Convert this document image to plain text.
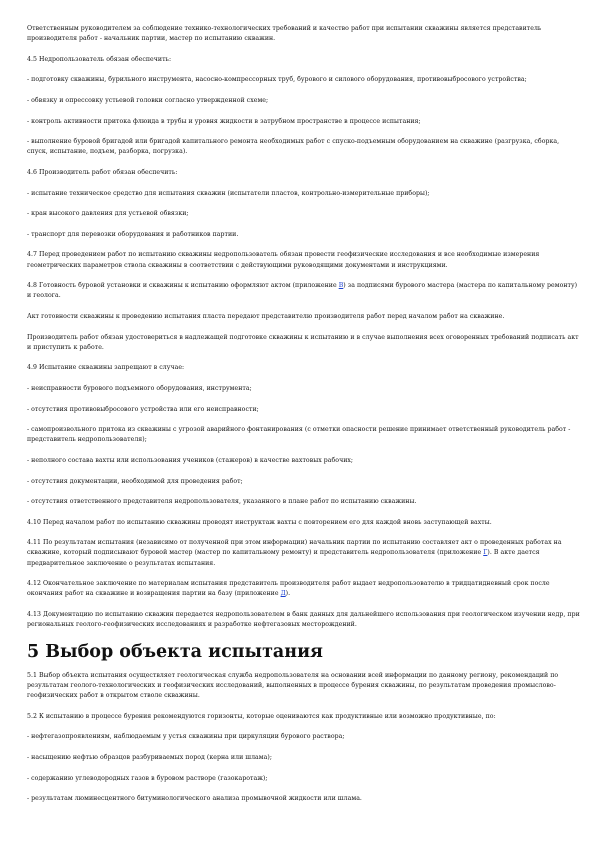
Ответственным руководителем за соблюдение технико-технологических требований и качество работ при испытании скважины является представитель производителя работ - начальник партии, мастер по испытанию скважин.

4.5 Недропользователь обязан обеспечить:

- подготовку скважины, бурильного инструмента, насосно-компрессорных труб, бурового и силового оборудования, противовыбросового устройства;

- обвязку и опрессовку устьевой головки согласно утвержденной схеме;

- контроль активности притока флюида в трубы и уровня жидкости в затрубном пространстве в процессе испытания;

- выполнение буровой бригадой или бригадой капитального ремонта необходимых работ с спуско-подъемным оборудованием на скважине (разгрузка, сборка, спуск, испытание, подъем, разборка, погрузка).

4.6 Производитель работ обязан обеспечить:

- испытание техническое средство для испытания скважин (испытатели пластов, контрольно-измерительные приборы);

- кран высокого давления для устьевой обвязки;

- транспорт для перевозки оборудования и работников партии.

4.7 Перед проведением работ по испытанию скважины недропользователь обязан провести геофизические исследования и все необходимые измерения геометрических параметров ствола скважины в соответствии с действующими руководящими документами и инструкциями.

4.8 Готовность буровой установки и скважины к испытанию оформляют актом (приложение В) за подписями бурового мастера (мастера по капитальному ремонту) и геолога.

Акт готовности скважины к проведению испытания пласта передают представителю производителя работ перед началом работ на скважине.

Производитель работ обязан удостовериться в надлежащей подготовке скважины к испытанию и в случае выполнения всех оговоренных требований подписать акт и приступить к работе.

4.9 Испытание скважины запрещают в случае:

- неисправности бурового подъемного оборудования, инструмента;

- отсутствия противовыбросового устройства или его неисправности;

- самопроизвольного притока из скважины с угрозой аварийного фонтанирования (с отметки опасности решение принимает ответственный руководитель работ - представитель недропользователя);

- неполного состава вахты или использования учеников (стажеров) в качестве вахтовых рабочих;

- отсутствия документации, необходимой для проведения работ;

- отсутствия ответственного представителя недропользователя, указанного в плане работ по испытанию скважины.

4.10 Перед началом работ по испытанию скважины проводят инструктаж вахты с повторением его для каждой вновь заступающей вахты.

4.11 По результатам испытания (независимо от полученной при этом информации) начальник партии по испытанию составляет акт о проведенных работах на скважине, который подписывают буровой мастер (мастер по капитальному ремонту) и представитель недропользователя (приложение Г). В акте дается предварительное заключение о результатах испытания.

4.12 Окончательное заключение по материалам испытания представитель производителя работ выдает недропользователю в тридцатидневный срок после окончания работ на скважине и возвращения партии на базу (приложение Д).

4.13 Документацию по испытанию скважин передается недропользователем в банк данных для дальнейшего использования при геологическом изучении недр, при региональных геолого-геофизических исследованиях и разработке нефтегазовых месторождений.

5 Выбор объекта испытания

5.1 Выбор объекта испытания осуществляет геологическая служба недропользователя на основании всей информации по данному региону, рекомендаций по результатам геолого-технологических и геофизических исследований, выполненных в процессе бурения скважины, по результатам проведения промыслово-геофизических работ в открытом стволе скважины.

5.2 К испытанию в процессе бурения рекомендуются горизонты, которые оцениваются как продуктивные или возможно продуктивные, по:

- нефтегазопроявлениям, наблюдаемым у устья скважины при циркуляции бурового раствора;

- насыщению нефтью образцов разбуриваемых пород (керна или шлама);

- содержанию углеводородных газов в буровом растворе (газокаротаж);

- результатам люминесцентного битуминологического анализа промывочной жидкости или шлама.
